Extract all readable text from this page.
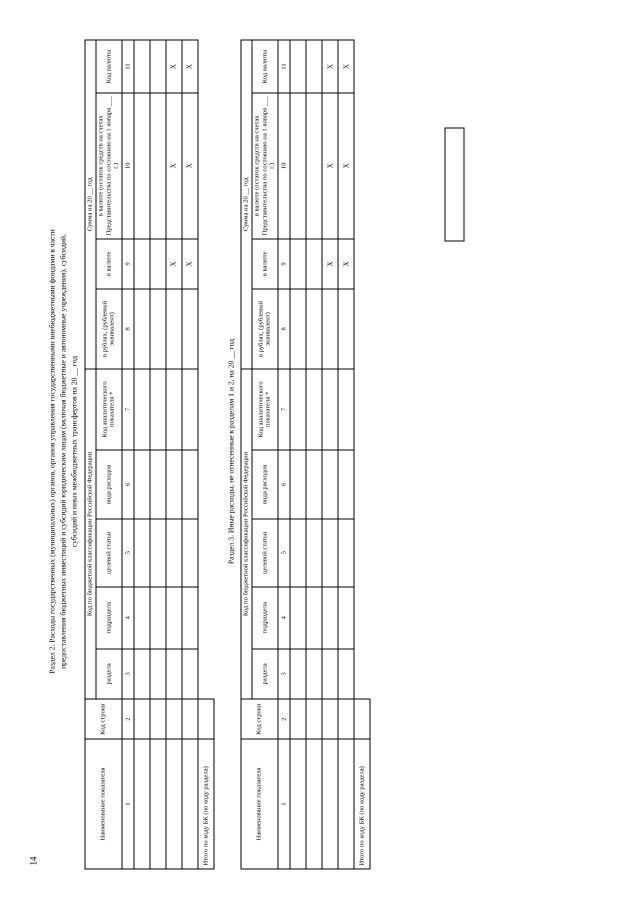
14
Раздел 2. Расходы государственных (муниципальных) органов, органов управления государственными внебюджетными фондами в части предоставления бюджетных инвестиций и субсидий юридическим лицам (включая бюджетные и автономные учреждения), субсидий, субсидий и иных межбюджетных трансфертов на 20 __ год
Наименование показателя	Код строки	Код по бюджетной классификации Российской Федерации					Сумма на 20 __ год			
		раздела	подраздела	целевой статьи	вида расходов	Код аналитического показателя *	в рублях, (рублевый эквивалент)	в валюте	в валюте (остаток средств на счетах Представительства по состоянию на 1 января ___ г.)	Код валюты

1	2	3	4	5	6	7	8	9	10	11

								X	X	X
								X	X	X
Итого по коду БК (по коду раздела)										
Раздел 3. Иные расходы, не отнесенные к разделам 1 и 2, на 20 __ год
Наименование показателя	Код строки	Код по бюджетной классификации Российской Федерации					Сумма на 20 __ год			
		раздела	подраздела	целевой статьи	вида расходов	Код аналитического показателя *	в рублях, (рублевый эквивалент)	в валюте	в валюте (остаток средств на счетах Представительства по состоянию на 1 января ___ г.)	Код валюты

1	2	3	4	5	6	7	8	9	10	11

								X	X	X
								X	X	X
Итого по коду БК (по коду раздела)										
